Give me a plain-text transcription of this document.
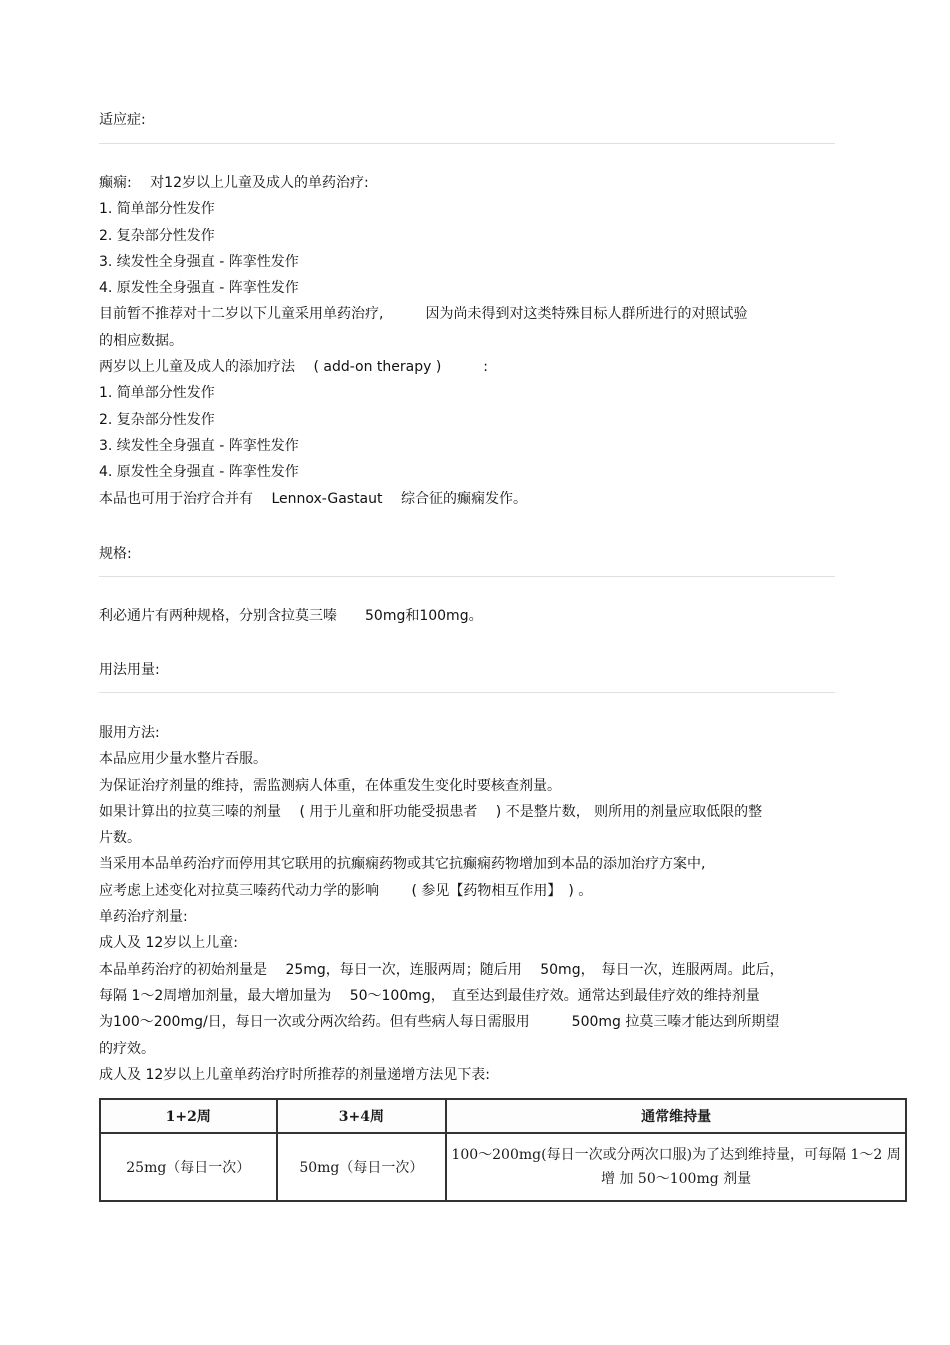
适应症:
癫痫:　 对12岁以上儿童及成人的单药治疗:
1. 简单部分性发作
2. 复杂部分性发作
3. 续发性全身强直 - 阵挛性发作
4. 原发性全身强直 - 阵挛性发作
目前暂不推荐对十二岁以下儿童采用单药治疗,　　　因为尚未得到对这类特殊目标人群所进行的对照试验
的相应数据。
两岁以上儿童及成人的添加疗法　 ( add-on therapy )　　　:
1. 简单部分性发作
2. 复杂部分性发作
3. 续发性全身强直 - 阵挛性发作
4. 原发性全身强直 - 阵挛性发作
本品也可用于治疗合并有　 Lennox-Gastaut　 综合征的癫痫发作。
规格:
利必通片有两种规格，分别含拉莫三嗪　　50mg和100mg。
用法用量:
服用方法:
本品应用少量水整片吞服。
为保证治疗剂量的维持，需监测病人体重，在体重发生变化时要核查剂量。
如果计算出的拉莫三嗪的剂量　 ( 用于儿童和肝功能受损患者　 ) 不是整片数， 则所用的剂量应取低限的整
片数。
当采用本品单药治疗而停用其它联用的抗癫痫药物或其它抗癫痫药物增加到本品的添加治疗方案中,
应考虑上述变化对拉莫三嗪药代动力学的影响　　 ( 参见【药物相互作用】　) 。
单药治疗剂量:
成人及 12岁以上儿童:
本品单药治疗的初始剂量是　 25mg，每日一次，连服两周；随后用　 50mg，　每日一次，连服两周。此后，
每隔 1～2周增加剂量，最大增加量为　 50～100mg，　直至达到最佳疗效。通常达到最佳疗效的维持剂量
为100～200mg/日，每日一次或分两次给药。但有些病人每日需服用　　　500mg 拉莫三嗪才能达到所期望
的疗效。
成人及 12岁以上儿童单药治疗时所推荐的剂量递增方法见下表:
1+2周	3+4周	通常维持量
25mg（每日一次）	50mg（每日一次）	100～200mg(每日一次或分两次口服)为了达到维持量，可每隔 1～2 周增 加 50～100mg 剂量
